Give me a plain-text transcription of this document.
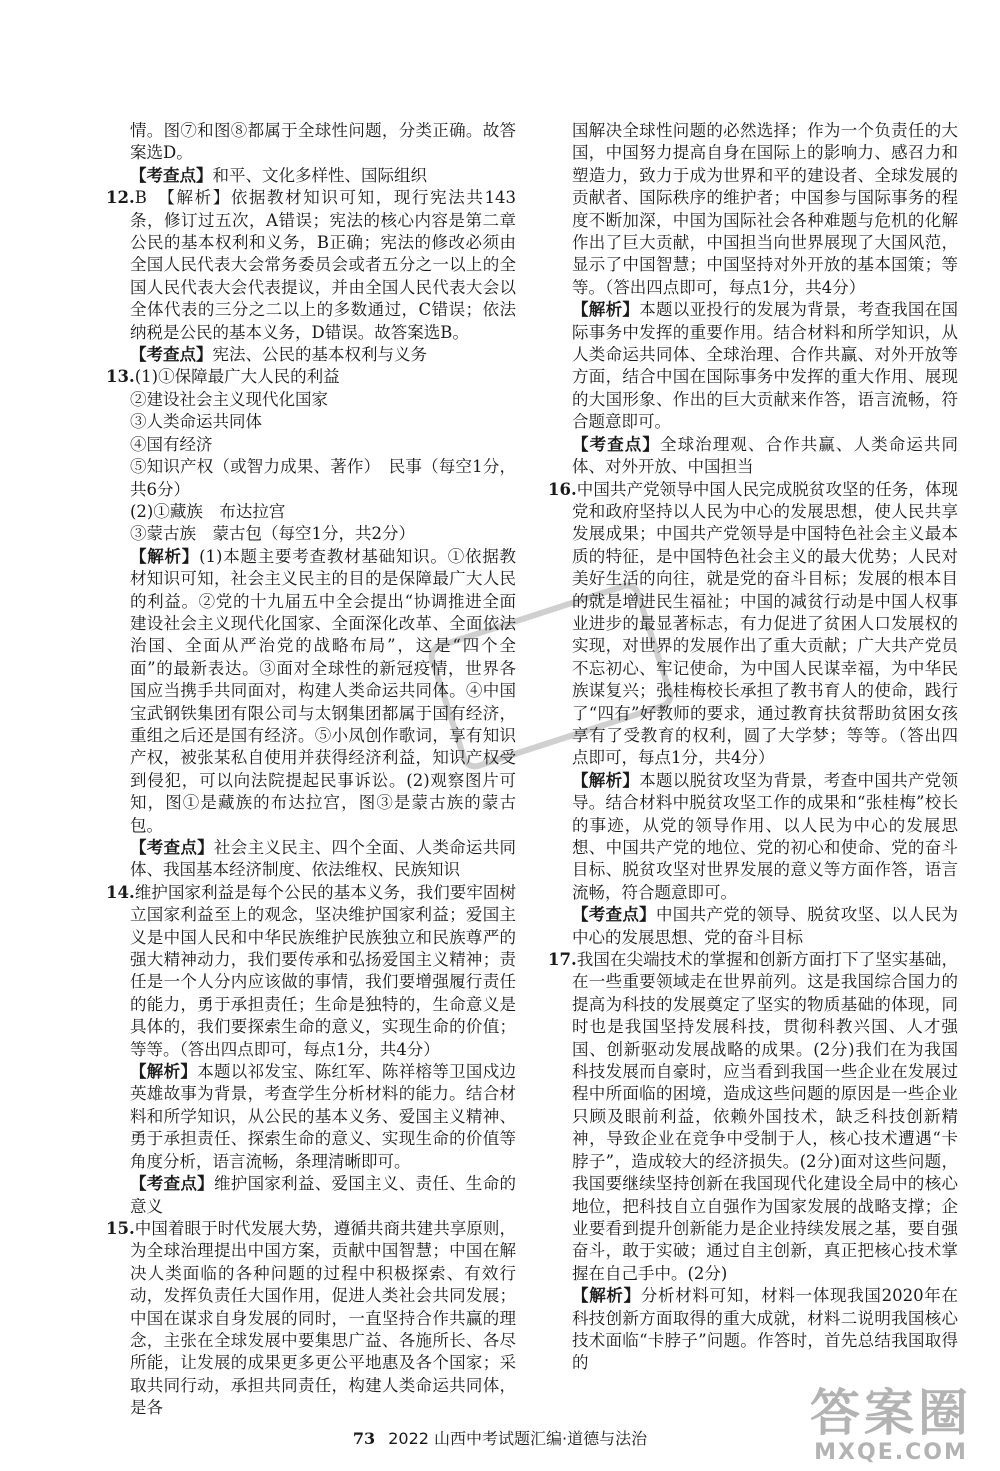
情。图⑦和图⑧都属于全球性问题，分类正确。故答案选D。

【考查点】和平、文化多样性、国际组织

12.B　【解析】依据教材知识可知，现行宪法共143条，修订过五次，A错误；宪法的核心内容是第二章公民的基本权利和义务，B正确；宪法的修改必须由全国人民代表大会常务委员会或者五分之一以上的全国人民代表大会代表提议，并由全国人民代表大会以全体代表的三分之二以上的多数通过，C错误；依法纳税是公民的基本义务，D错误。故答案选B。

【考查点】宪法、公民的基本权利与义务

13.(1)①保障最广大人民的利益

②建设社会主义现代化国家

③人类命运共同体

④国有经济

⑤知识产权（或智力成果、著作）　民事（每空1分，共6分）

(2)①藏族　布达拉宫

③蒙古族　蒙古包（每空1分，共2分）

【解析】(1)本题主要考查教材基础知识。①依据教材知识可知，社会主义民主的目的是保障最广大人民的利益。②党的十九届五中全会提出“协调推进全面建设社会主义现代化国家、全面深化改革、全面依法治国、全面从严治党的战略布局”，这是“四个全面”的最新表达。③面对全球性的新冠疫情，世界各国应当携手共同面对，构建人类命运共同体。④中国宝武钢铁集团有限公司与太钢集团都属于国有经济，重组之后还是国有经济。⑤小凤创作歌词，享有知识产权，被张某私自使用并获得经济利益，知识产权受到侵犯，可以向法院提起民事诉讼。(2)观察图片可知，图①是藏族的布达拉宫，图③是蒙古族的蒙古包。

【考查点】社会主义民主、四个全面、人类命运共同体、我国基本经济制度、依法维权、民族知识

14.维护国家利益是每个公民的基本义务，我们要牢固树立国家利益至上的观念，坚决维护国家利益；爱国主义是中国人民和中华民族维护民族独立和民族尊严的强大精神动力，我们要传承和弘扬爱国主义精神；责任是一个人分内应该做的事情，我们要增强履行责任的能力，勇于承担责任；生命是独特的，生命意义是具体的，我们要探索生命的意义，实现生命的价值；等等。（答出四点即可，每点1分，共4分）

【解析】本题以祁发宝、陈红军、陈祥榕等卫国戍边英雄故事为背景，考查学生分析材料的能力。结合材料和所学知识，从公民的基本义务、爱国主义精神、勇于承担责任、探索生命的意义、实现生命的价值等角度分析，语言流畅，条理清晰即可。

【考查点】维护国家利益、爱国主义、责任、生命的意义

15.中国着眼于时代发展大势，遵循共商共建共享原则，为全球治理提出中国方案，贡献中国智慧；中国在解决人类面临的各种问题的过程中积极探索、有效行动，发挥负责任大国作用，促进人类社会共同发展；中国在谋求自身发展的同时，一直坚持合作共赢的理念，主张在全球发展中要集思广益、各施所长、各尽所能，让发展的成果更多更公平地惠及各个国家；采取共同行动，承担共同责任，构建人类命运共同体，是各

国解决全球性问题的必然选择；作为一个负责任的大国，中国努力提高自身在国际上的影响力、感召力和塑造力，致力于成为世界和平的建设者、全球发展的贡献者、国际秩序的维护者；中国参与国际事务的程度不断加深，中国为国际社会各种难题与危机的化解作出了巨大贡献，中国担当向世界展现了大国风范，显示了中国智慧；中国坚持对外开放的基本国策；等等。（答出四点即可，每点1分，共4分）

【解析】本题以亚投行的发展为背景，考查我国在国际事务中发挥的重要作用。结合材料和所学知识，从人类命运共同体、全球治理、合作共赢、对外开放等方面，结合中国在国际事务中发挥的重大作用、展现的大国形象、作出的巨大贡献来作答，语言流畅，符合题意即可。

【考查点】全球治理观、合作共赢、人类命运共同体、对外开放、中国担当

16.中国共产党领导中国人民完成脱贫攻坚的任务，体现党和政府坚持以人民为中心的发展思想，使人民共享发展成果；中国共产党领导是中国特色社会主义最本质的特征，是中国特色社会主义的最大优势；人民对美好生活的向往，就是党的奋斗目标；发展的根本目的就是增进民生福祉；中国的减贫行动是中国人权事业进步的最显著标志，有力促进了贫困人口发展权的实现，对世界的发展作出了重大贡献；广大共产党员不忘初心、牢记使命，为中国人民谋幸福，为中华民族谋复兴；张桂梅校长承担了教书育人的使命，践行了“四有”好教师的要求，通过教育扶贫帮助贫困女孩享有了受教育的权利，圆了大学梦；等等。（答出四点即可，每点1分，共4分）

【解析】本题以脱贫攻坚为背景，考查中国共产党领导。结合材料中脱贫攻坚工作的成果和“张桂梅”校长的事迹，从党的领导作用、以人民为中心的发展思想、中国共产党的地位、党的初心和使命、党的奋斗目标、脱贫攻坚对世界发展的意义等方面作答，语言流畅，符合题意即可。

【考查点】中国共产党的领导、脱贫攻坚、以人民为中心的发展思想、党的奋斗目标

17.我国在尖端技术的掌握和创新方面打下了坚实基础，在一些重要领域走在世界前列。这是我国综合国力的提高为科技的发展奠定了坚实的物质基础的体现，同时也是我国坚持发展科技，贯彻科教兴国、人才强国、创新驱动发展战略的成果。(2分)我们在为我国科技发展而自豪时，应当看到我国一些企业在发展过程中所面临的困境，造成这些问题的原因是一些企业只顾及眼前利益，依赖外国技术，缺乏科技创新精神，导致企业在竞争中受制于人，核心技术遭遇“卡脖子”，造成较大的经济损失。(2分)面对这些问题，我国要继续坚持创新在我国现代化建设全局中的核心地位，把科技自立自强作为国家发展的战略支撑；企业要看到提升创新能力是企业持续发展之基，要自强奋斗，敢于实破；通过自主创新，真正把核心技术掌握在自己手中。(2分)

【解析】分析材料可知，材料一体现我国2020年在科技创新方面取得的重大成就，材料二说明我国核心技术面临“卡脖子”问题。作答时，首先总结我国取得的

73 2022 山西中考试题汇编·道德与法治	答案圈
MXQE.COM
